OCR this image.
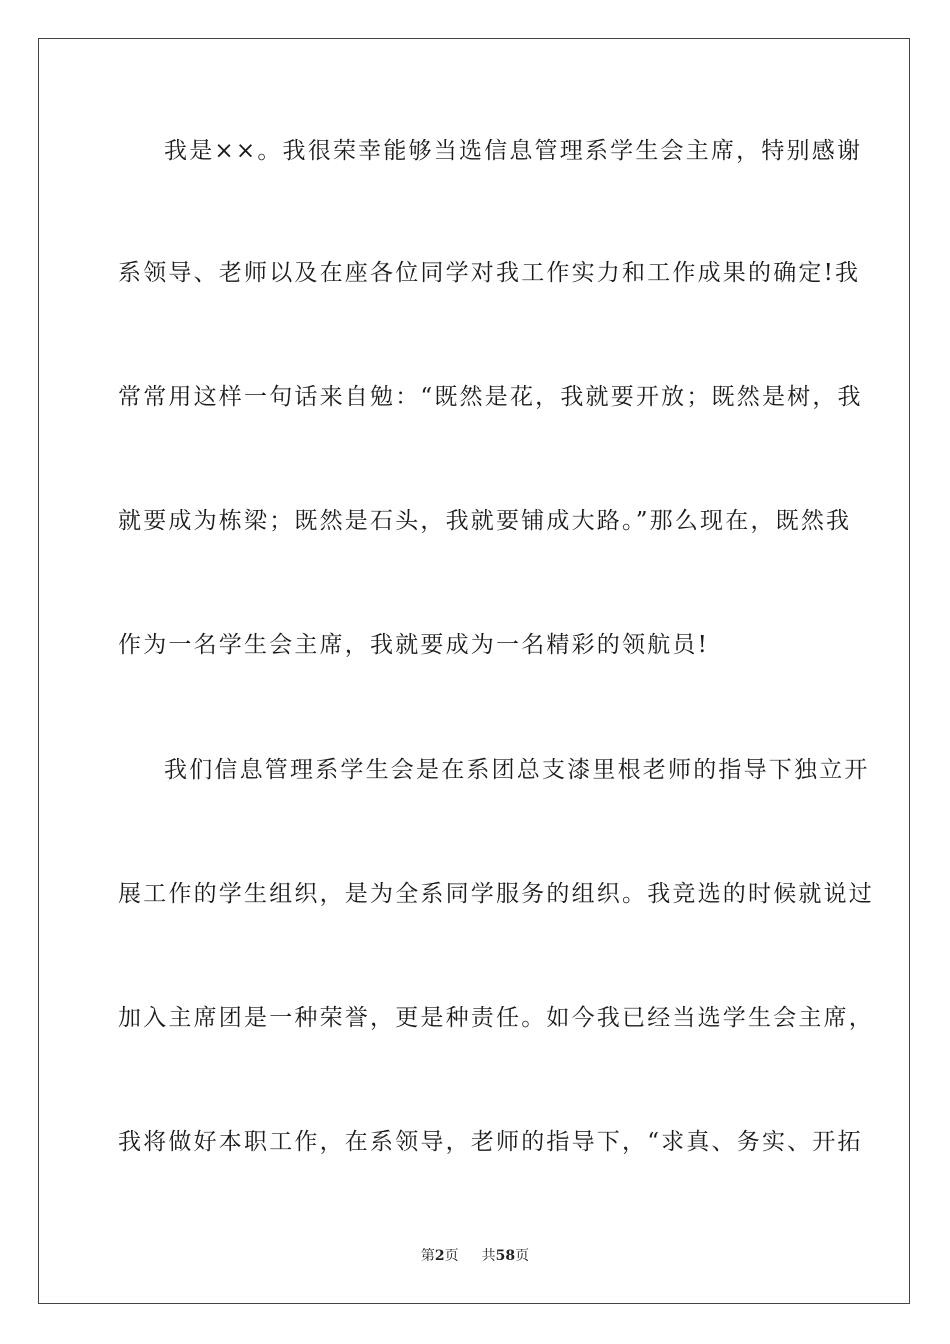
我是××。我很荣幸能够当选信息管理系学生会主席，特别感谢
系领导、老师以及在座各位同学对我工作实力和工作成果的确定!我
常常用这样一句话来自勉：“既然是花，我就要开放；既然是树，我
就要成为栋梁；既然是石头，我就要铺成大路。”那么现在，既然我
作为一名学生会主席，我就要成为一名精彩的领航员!
我们信息管理系学生会是在系团总支漆里根老师的指导下独立开
展工作的学生组织，是为全系同学服务的组织。我竞选的时候就说过
加入主席团是一种荣誉，更是种责任。如今我已经当选学生会主席，
我将做好本职工作，在系领导，老师的指导下，“求真、务实、开拓
第2页 共58页
